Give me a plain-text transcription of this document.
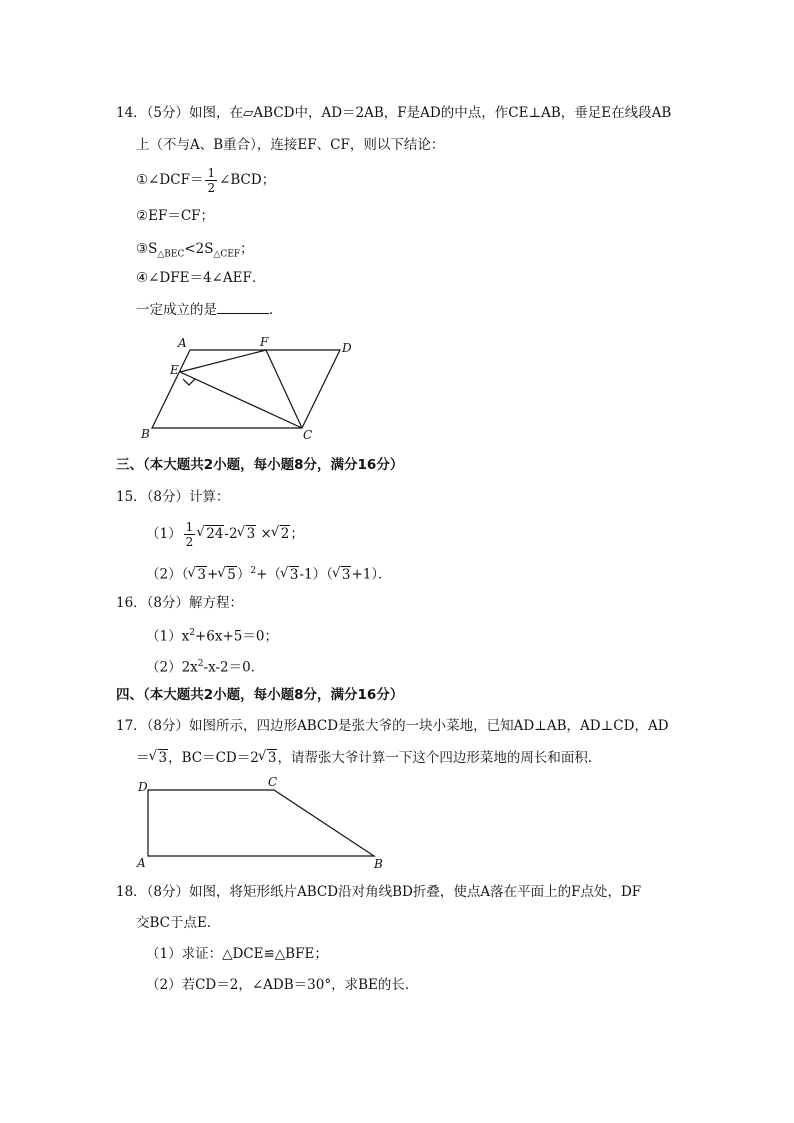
14．（5分）如图，在▱ABCD中，AD＝2AB，F是AD的中点，作CE⊥AB，垂足E在线段AB
上（不与A、B重合），连接EF、CF，则以下结论：
①∠DCF＝ $\frac{1}{2}$ ∠BCD；
②EF＝CF；
$③S_{\triangle BEC}<2S_{\triangle CEF}$；
④∠DFE＝4∠AEF．
一定成立的是	．
A	F	D
E
B	C
三、（本大题共2小题，每小题8分，满分16分）
15．（8分）计算：
$(1) \frac{1}{2}$ √ 24-2 √ 3 × √ 2；
（2）（ √ 3+ √ 5）$^2$+（ √ 3-1）（ √ 3+1）．
16．（8分）解方程：
$(1)x^2+6x+5=0$；
$(2)2x^2-x-2=0$．
四、（本大题共2小题，每小题8分，满分16分）
17．（8分）如图所示，四边形ABCD是张大爷的一块小菜地，已知AD⊥AB，AD⊥CD，AD
＝ √ 3，BC＝CD＝2 √ 3，请帮张大爷计算一下这个四边形菜地的周长和面积．
D	C
A	B
18．（8分）如图，将矩形纸片ABCD沿对角线BD折叠，使点A落在平面上的F点处，DF
交BC于点E．
（1）求证：△DCE≌△BFE；
（2）若CD＝2，∠ADB＝30°，求BE的长．
